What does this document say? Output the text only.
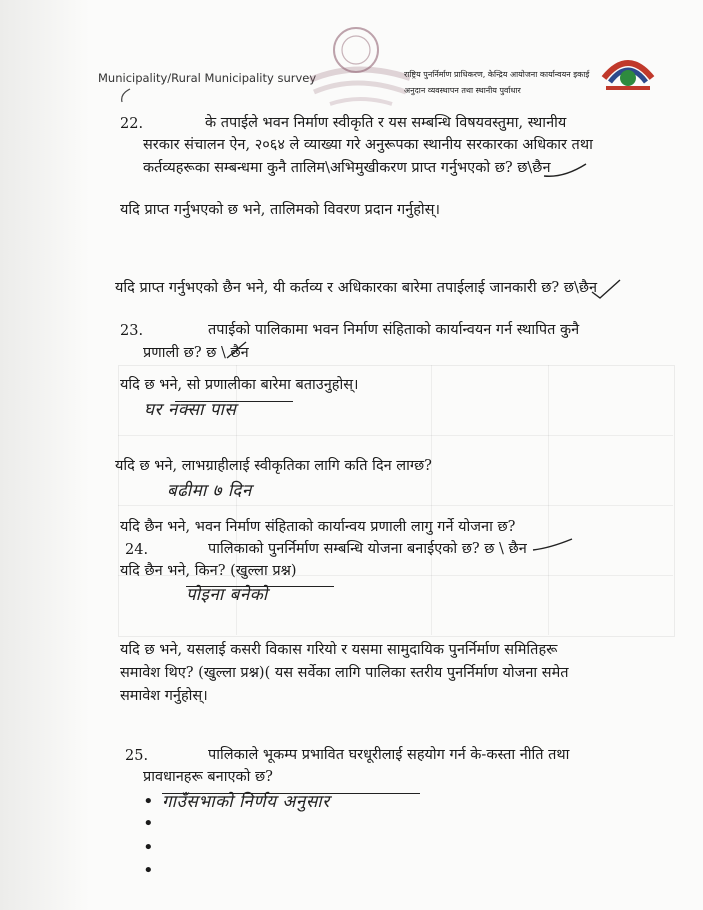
Municipality/Rural Municipality survey	राष्ट्रिय पुनर्निर्माण प्राधिकरण, केन्द्रिय आयोजना कार्यान्वयन इकाई
अनुदान व्यवस्थापन तथा स्थानीय पुर्वाधार
22.	के तपाईले भवन निर्माण स्वीकृति र यस सम्बन्धि विषयवस्तुमा, स्थानीय
सरकार संचालन ऐन, २०६४ ले व्याख्या गरे अनुरूपका स्थानीय सरकारका अधिकार तथा
कर्तव्यहरूका सम्बन्धमा कुनै तालिम\अभिमुखीकरण प्राप्त गर्नुभएको छ? छ\छैन
यदि प्राप्त गर्नुभएको छ भने, तालिमको विवरण प्रदान गर्नुहोस्।
यदि प्राप्त गर्नुभएको छैन भने, यी कर्तव्य र अधिकारका बारेमा तपाईलाई जानकारी छ? छ\छैन
23.	तपाईको पालिकामा भवन निर्माण संहिताको कार्यान्वयन गर्न स्थापित कुनै
प्रणाली छ? छ \ छैन
यदि छ भने, सो प्रणालीका बारेमा बताउनुहोस्।
घर नक्सा पास
यदि छ भने, लाभग्राहीलाई स्वीकृतिका लागि कति दिन लाग्छ?
बढीमा ७ दिन
यदि छैन भने, भवन निर्माण संहिताको कार्यान्वय प्रणाली लागु गर्ने योजना छ?
24.	पालिकाको पुनर्निर्माण सम्बन्धि योजना बनाईएको छ? छ \ छैन
यदि छैन भने, किन? (खुल्ला प्रश्न)
पोइना बनेको
यदि छ भने, यसलाई कसरी विकास गरियो र यसमा सामुदायिक पुनर्निर्माण समितिहरू
समावेश थिए? (खुल्ला प्रश्न)( यस सर्वेका लागि पालिका स्तरीय पुनर्निर्माण योजना समेत
समावेश गर्नुहोस्।
25.	पालिकाले भूकम्प प्रभावित घरधूरीलाई सहयोग गर्न के-कस्ता नीति तथा
प्रावधानहरू बनाएको छ?
• गाउँसभाको निर्णय अनुसार
•
•
•
